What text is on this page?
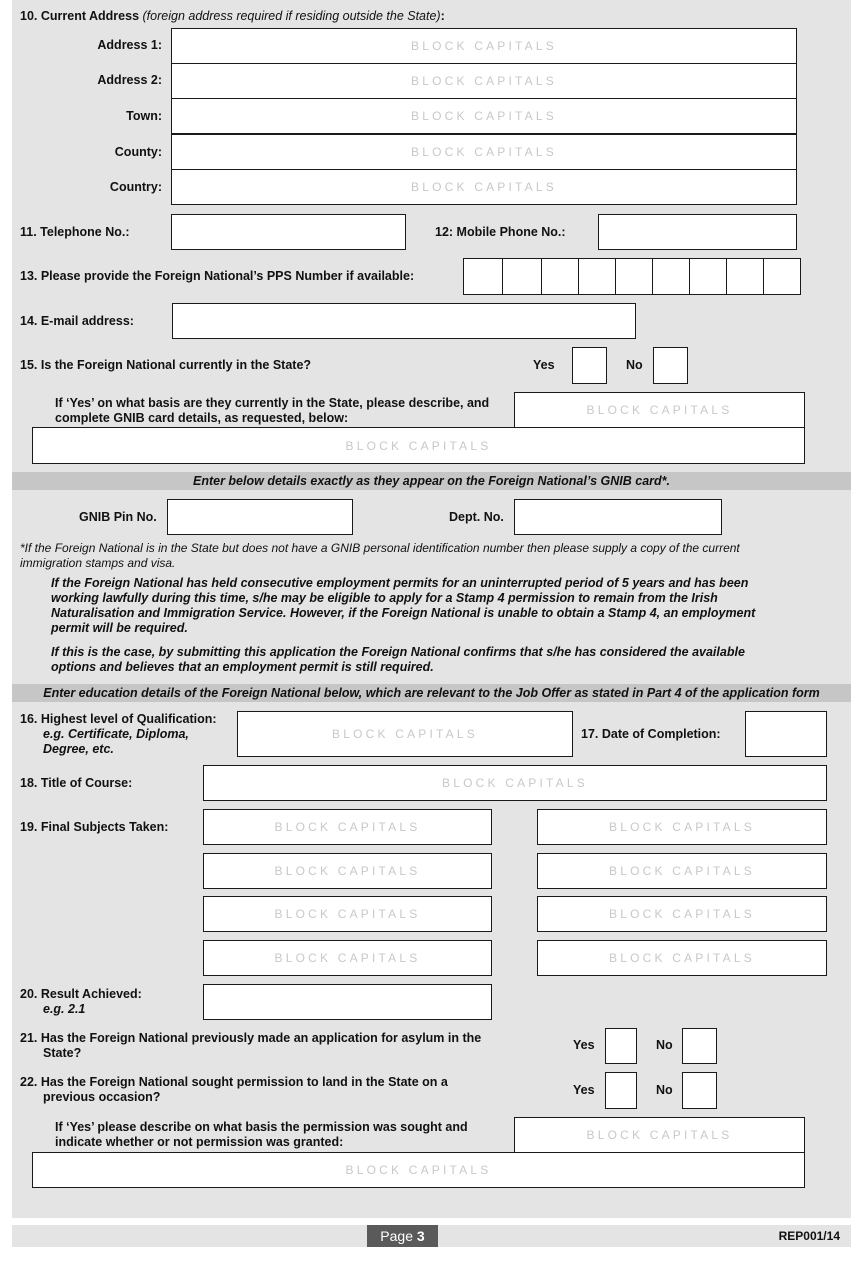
10. Current Address (foreign address required if residing outside the State):
Address 1:	BLOCK CAPITALS
Address 2:	BLOCK CAPITALS
Town:	BLOCK CAPITALS
County:	BLOCK CAPITALS
Country:	BLOCK CAPITALS
11. Telephone No.:	12: Mobile Phone No.:
13. Please provide the Foreign National’s PPS Number if available:
14. E-mail address:
15. Is the Foreign National currently in the State?	Yes	No
If ‘Yes’ on what basis are they currently in the State, please describe, and
complete GNIB card details, as requested, below:
BLOCK CAPITALS
BLOCK CAPITALS
Enter below details exactly as they appear on the Foreign National’s GNIB card*.
GNIB Pin No.	Dept. No.
*If the Foreign National is in the State but does not have a GNIB personal identification number then please supply a copy of the current
immigration stamps and visa.
If the Foreign National has held consecutive employment permits for an uninterrupted period of 5 years and has been
working lawfully during this time, s/he may be eligible to apply for a Stamp 4 permission to remain from the Irish
Naturalisation and Immigration Service. However, if the Foreign National is unable to obtain a Stamp 4, an employment
permit will be required.
If this is the case, by submitting this application the Foreign National confirms that s/he has considered the available
options and believes that an employment permit is still required.
Enter education details of the Foreign National below, which are relevant to the Job Offer as stated in Part 4 of the application form
16. Highest level of Qualification:
e.g. Certificate, Diploma,
Degree, etc.
BLOCK CAPITALS	17. Date of Completion:
18. Title of Course:	BLOCK CAPITALS
19. Final Subjects Taken:	BLOCK CAPITALS	BLOCK CAPITALS
BLOCK CAPITALS	BLOCK CAPITALS
BLOCK CAPITALS	BLOCK CAPITALS
BLOCK CAPITALS	BLOCK CAPITALS
20. Result Achieved:
e.g. 2.1
21. Has the Foreign National previously made an application for asylum in the
State?
Yes	No
22. Has the Foreign National sought permission to land in the State on a
previous occasion?	Yes	No
If ‘Yes’ please describe on what basis the permission was sought and
indicate whether or not permission was granted:	BLOCK CAPITALS
BLOCK CAPITALS
Page 3	REP001/14
